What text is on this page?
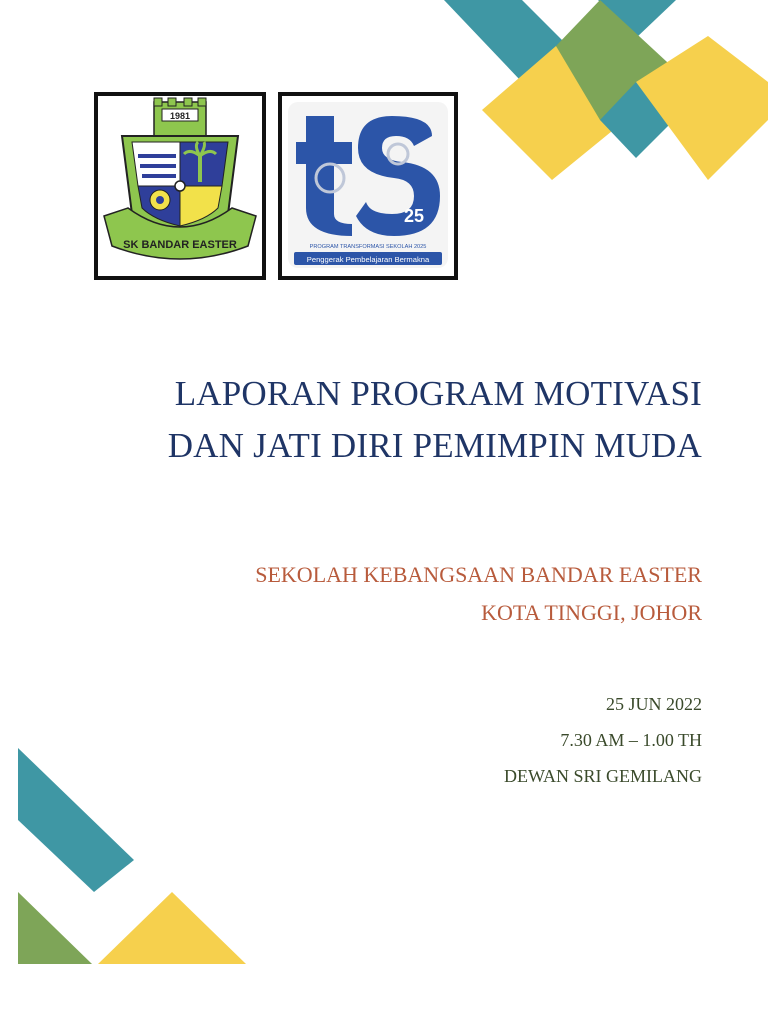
1981
SK BANDAR EASTER
25
PROGRAM TRANSFORMASI SEKOLAH 2025
Penggerak Pembelajaran Bermakna
LAPORAN PROGRAM MOTIVASI
DAN JATI DIRI PEMIMPIN MUDA
SEKOLAH KEBANGSAAN BANDAR EASTER
KOTA TINGGI, JOHOR
25 JUN 2022
7.30 AM – 1.00 TH
DEWAN SRI GEMILANG
